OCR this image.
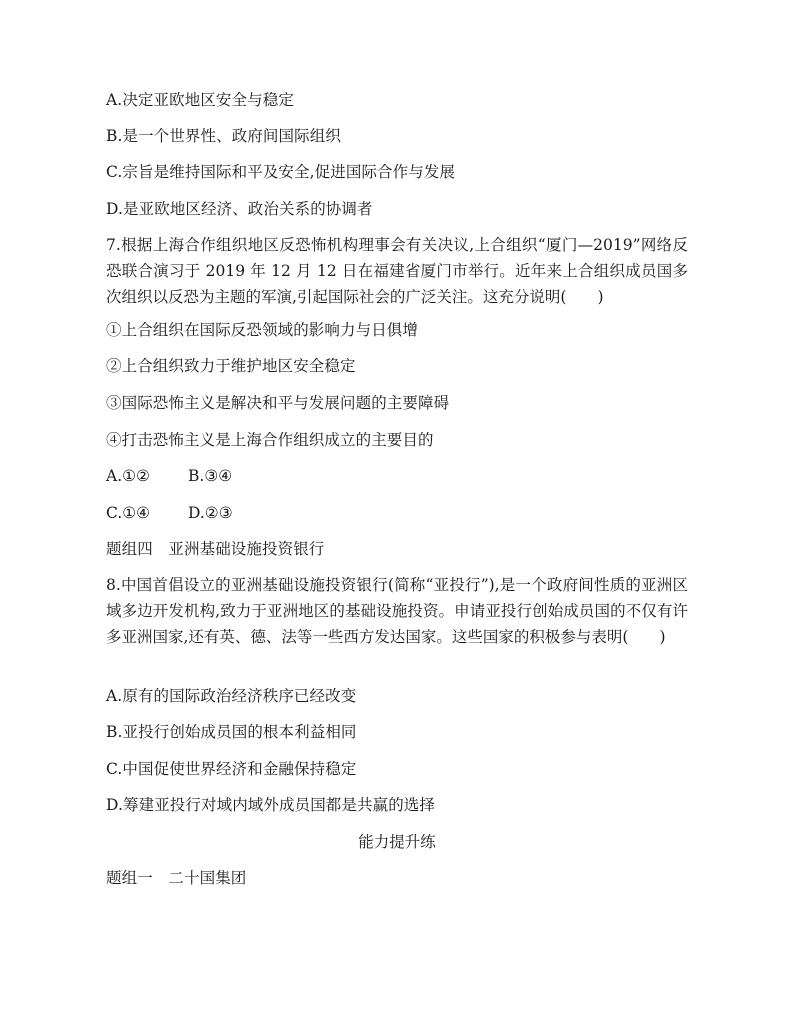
A.决定亚欧地区安全与稳定
B.是一个世界性、政府间国际组织
C.宗旨是维持国际和平及安全,促进国际合作与发展
D.是亚欧地区经济、政治关系的协调者
7.根据上海合作组织地区反恐怖机构理事会有关决议,上合组织“厦门—2019”网络反恐联合演习于 2019 年 12 月 12 日在福建省厦门市举行。近年来上合组织成员国多次组织以反恐为主题的军演,引起国际社会的广泛关注。这充分说明(　　)
①上合组织在国际反恐领域的影响力与日俱增
②上合组织致力于维护地区安全稳定
③国际恐怖主义是解决和平与发展问题的主要障碍
④打击恐怖主义是上海合作组织成立的主要目的
A.①② B.③④
C.①④ D.②③
题组四　亚洲基础设施投资银行
8.中国首倡设立的亚洲基础设施投资银行(简称“亚投行”),是一个政府间性质的亚洲区域多边开发机构,致力于亚洲地区的基础设施投资。申请亚投行创始成员国的不仅有许多亚洲国家,还有英、德、法等一些西方发达国家。这些国家的积极参与表明(　　)
A.原有的国际政治经济秩序已经改变
B.亚投行创始成员国的根本利益相同
C.中国促使世界经济和金融保持稳定
D.筹建亚投行对域内域外成员国都是共赢的选择
能力提升练
题组一　二十国集团
